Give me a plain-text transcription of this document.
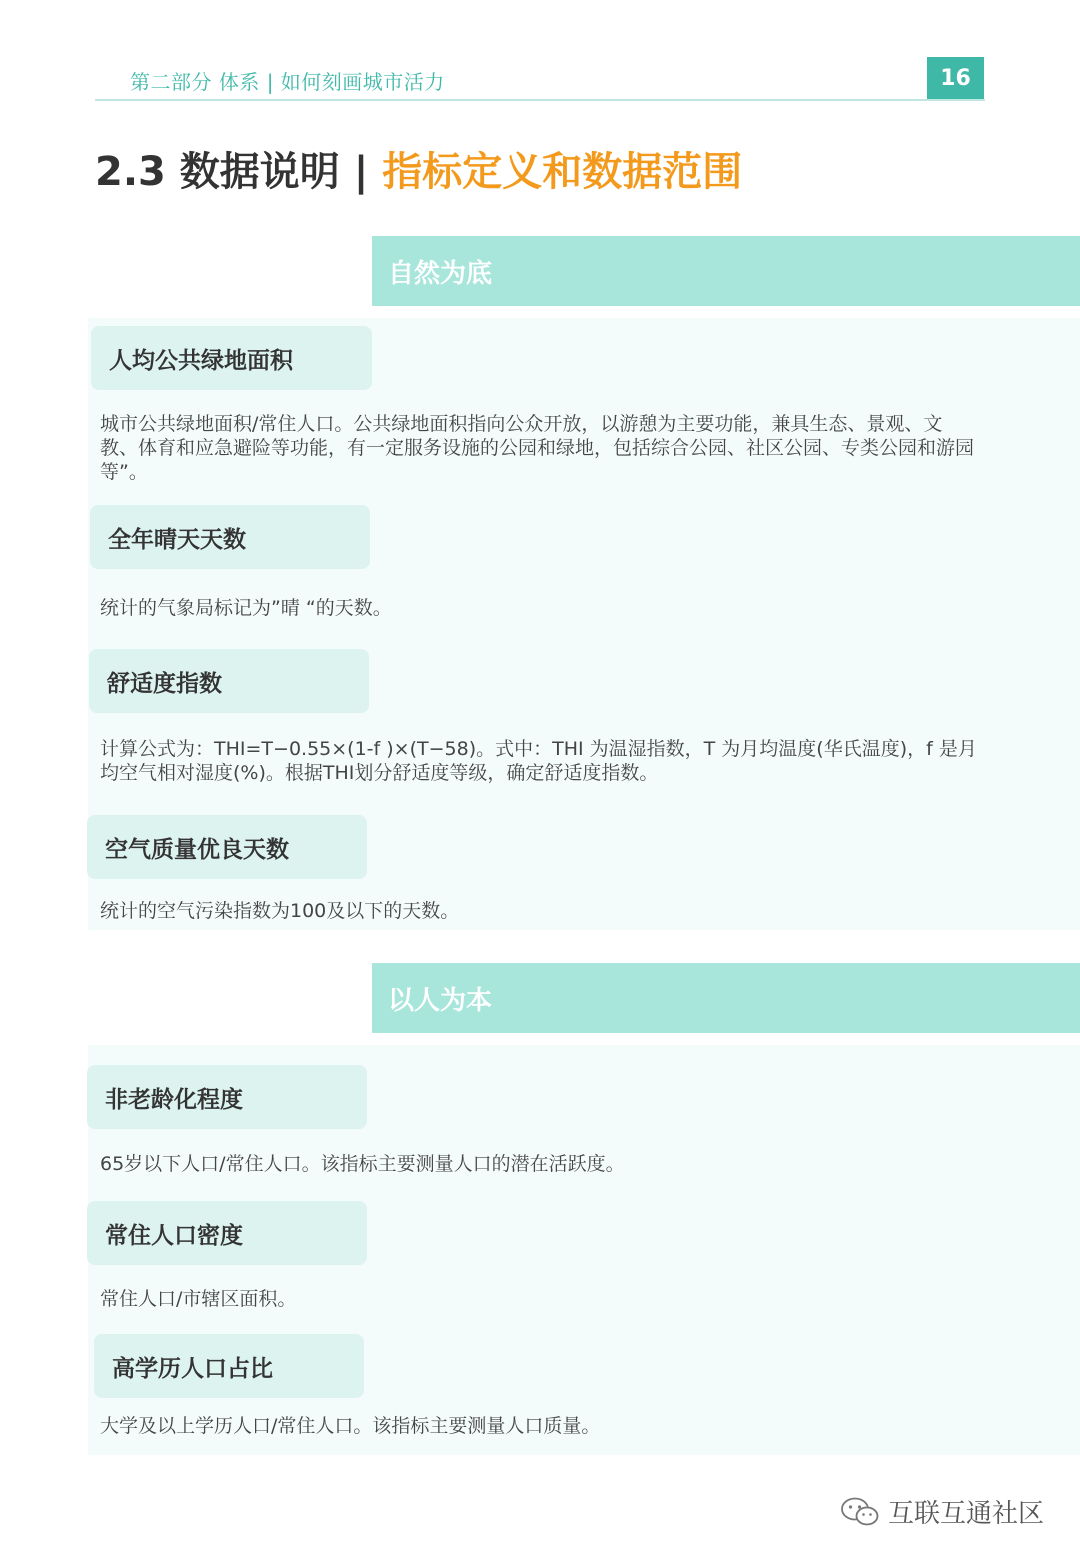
第二部分 体系 | 如何刻画城市活力	16
2.3 数据说明 | 指标定义和数据范围
自然为底
人均公共绿地面积
城市公共绿地面积/常住人口。公共绿地面积指向公众开放，以游憩为主要功能，兼具生态、景观、文教、体育和应急避险等功能，有一定服务设施的公园和绿地，包括综合公园、社区公园、专类公园和游园等”。
全年晴天天数
统计的气象局标记为”晴 “的天数。
舒适度指数
计算公式为：THI=T−0.55×(1-f )×(T−58)。式中：THI 为温湿指数，T 为月均温度(华氏温度)，f 是月均空气相对湿度(%)。根据THI划分舒适度等级，确定舒适度指数。
空气质量优良天数
统计的空气污染指数为100及以下的天数。
以人为本
非老龄化程度
65岁以下人口/常住人口。该指标主要测量人口的潜在活跃度。
常住人口密度
常住人口/市辖区面积。
高学历人口占比
大学及以上学历人口/常住人口。该指标主要测量人口质量。
互联互通社区
